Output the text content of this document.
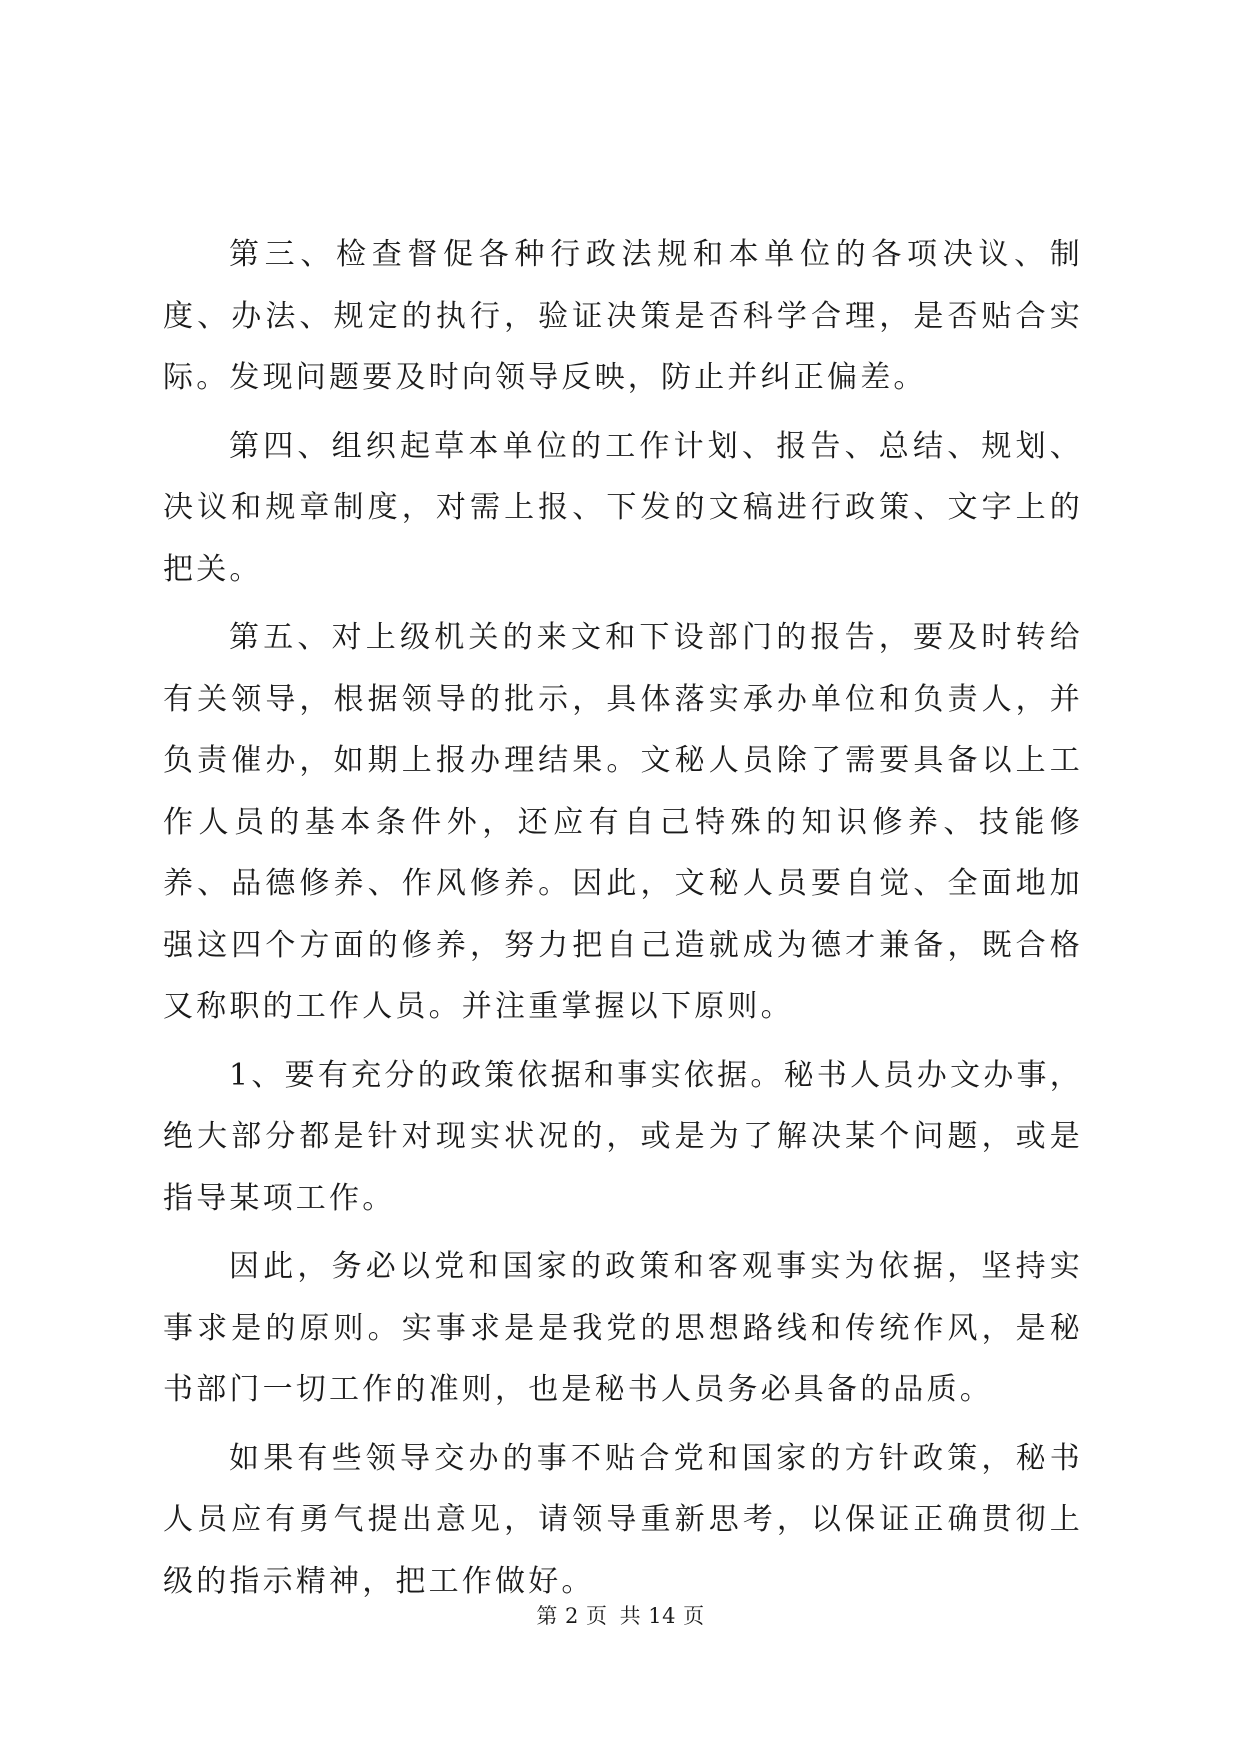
第三、检查督促各种行政法规和本单位的各项决议、制度、办法、规定的执行，验证决策是否科学合理，是否贴合实际。发现问题要及时向领导反映，防止并纠正偏差。

第四、组织起草本单位的工作计划、报告、总结、规划、决议和规章制度，对需上报、下发的文稿进行政策、文字上的把关。

第五、对上级机关的来文和下设部门的报告，要及时转给有关领导，根据领导的批示，具体落实承办单位和负责人，并负责催办，如期上报办理结果。文秘人员除了需要具备以上工作人员的基本条件外，还应有自己特殊的知识修养、技能修养、品德修养、作风修养。因此，文秘人员要自觉、全面地加强这四个方面的修养，努力把自己造就成为德才兼备，既合格又称职的工作人员。并注重掌握以下原则。

1、要有充分的政策依据和事实依据。秘书人员办文办事，绝大部分都是针对现实状况的，或是为了解决某个问题，或是指导某项工作。

因此，务必以党和国家的政策和客观事实为依据，坚持实事求是的原则。实事求是是我党的思想路线和传统作风，是秘书部门一切工作的准则，也是秘书人员务必具备的品质。

如果有些领导交办的事不贴合党和国家的方针政策，秘书人员应有勇气提出意见，请领导重新思考，以保证正确贯彻上级的指示精神，把工作做好。

第 2 页 共 14 页
